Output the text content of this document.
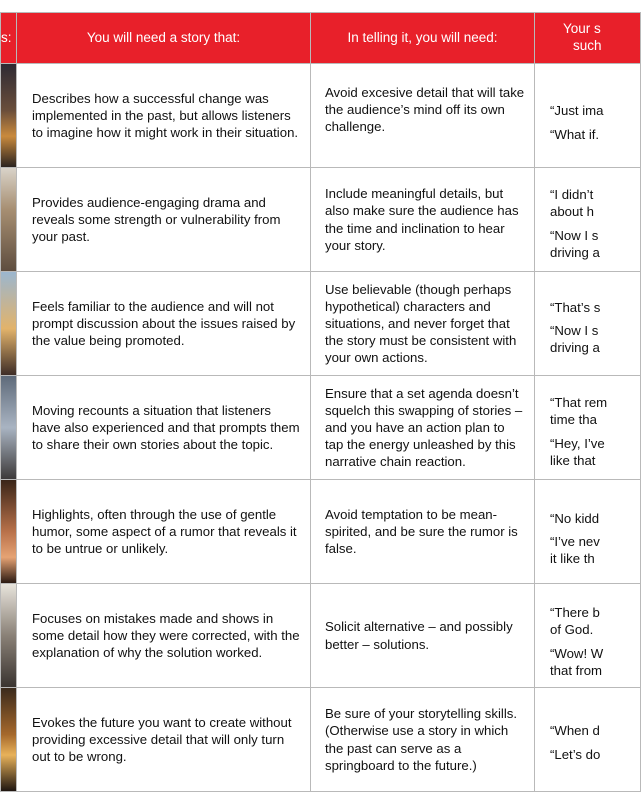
s:	You will need a story that:	In telling it, you will need:	Your s
such

	Describes how a successful change was implemented in the past, but allows listeners to imagine how it might work in their situation.	Avoid excesive detail that will take the audience’s mind off its own challenge.	“Just ima
“What if.

	Provides audience-engaging drama and reveals some strength or vulnerability from your past.	Include meaningful details, but also make sure the audience has the time and inclination to hear your story.	“I didn’t
about h
“Now I s
driving a

	Feels familiar to the audience and will not prompt discussion about the issues raised by the value being promoted.	Use believable (though perhaps hypothetical) characters and situations, and never forget that the story must be consistent with your own actions.	“That’s s
“Now I s
driving a

	Moving recounts a situation that listeners have also experienced and that prompts them to share their own stories about the topic.	Ensure that a set agenda doesn’t squelch this swapping of stories – and you have an action plan to tap the energy unleashed by this narrative chain reaction.	“That rem
time tha
“Hey, I’ve
like that

	Highlights, often through the use of gentle humor, some aspect of a rumor that reveals it to be untrue or unlikely.	Avoid temptation to be mean-spirited, and be sure the rumor is false.	“No kidd
“I’ve nev
it like th

	Focuses on mistakes made and shows in some detail how they were corrected, with the explanation of why the solution worked.	Solicit alternative – and possibly better – solutions.	“There b
of God.
“Wow! W
that from

	Evokes the future you want to create without providing excessive detail that will only turn out to be wrong.	Be sure of your storytelling skills. (Otherwise use a story in which the past can serve as a springboard to the future.)	“When d
“Let’s do
